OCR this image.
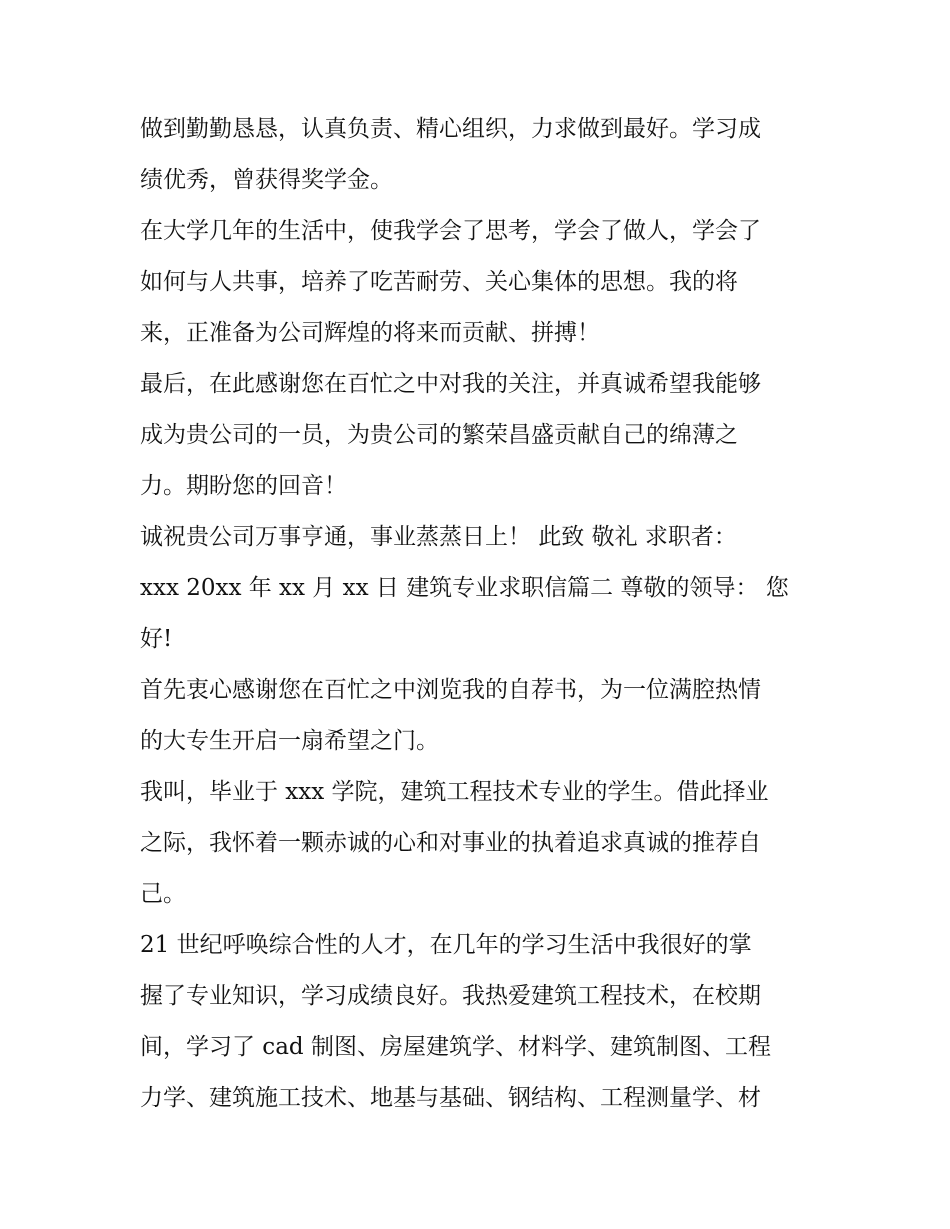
做到勤勤恳恳，认真负责、精心组织，力求做到最好。学习成
绩优秀，曾获得奖学金。

在大学几年的生活中，使我学会了思考，学会了做人，学会了
如何与人共事，培养了吃苦耐劳、关心集体的思想。我的将
来，正准备为公司辉煌的将来而贡献、拼搏！

最后，在此感谢您在百忙之中对我的关注，并真诚希望我能够
成为贵公司的一员，为贵公司的繁荣昌盛贡献自己的绵薄之
力。期盼您的回音！

诚祝贵公司万事亨通，事业蒸蒸日上！ 此致 敬礼 求职者：
xxx 20xx 年 xx 月 xx 日 建筑专业求职信篇二 尊敬的领导： 您
好!

首先衷心感谢您在百忙之中浏览我的自荐书，为一位满腔热情
的大专生开启一扇希望之门。

我叫，毕业于 xxx 学院，建筑工程技术专业的学生。借此择业
之际，我怀着一颗赤诚的心和对事业的执着追求真诚的推荐自
己。

21 世纪呼唤综合性的人才，在几年的学习生活中我很好的掌
握了专业知识，学习成绩良好。我热爱建筑工程技术，在校期
间，学习了 cad 制图、房屋建筑学、材料学、建筑制图、工程
力学、建筑施工技术、地基与基础、钢结构、工程测量学、材
